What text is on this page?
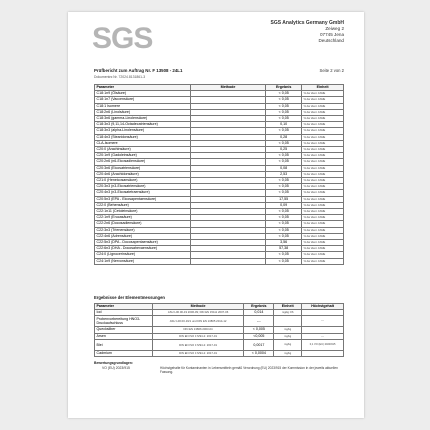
SGS	SGS Analytics Germany GmbH
Zeiweg 2
07745 Jena
Deutschland
Prüfbericht zum Auftrag Nr. F 13508 - 24L1	Seite 2 von 2
Dokumentnr.Nr. 72024.8131861-3
Parameter	Methode	Ergebnis	Einheit
C18:1n9 (Ölsäure)		< 0,05	% der ident. FAME
C18:1n7 (Vaccensäure)		< 0,05	% der ident. FAME
C18:1 Isomere		< 0,05	% der ident. FAME
C18:2n6 (Linolsäure)		< 0,05	% der ident. FAME
C18:3n6 (gamma-Linolensäure)		< 0,05	% der ident. FAME
C18:3n3 (9,11,14-Octadecatriensäure)		0,10	% der ident. FAME
C18:3n3 (alpha-Linolensäure)		< 0,05	% der ident. FAME
C18:4n3 (Stearidonsäure)		0,28	% der ident. FAME
CLA-Isomere		< 0,05	% der ident. FAME
C20:0 (Arachinsäure)		0,25	% der ident. FAME
C20:1n9 (Gadoleinsäure)		< 0,05	% der ident. FAME
C20:2n6 (n6-Eicosadiensäure)		< 0,05	% der ident. FAME
C20:3n6 (Eicosatriensäure)		0,08	% der ident. FAME
C20:4n6 (Arachidonsäure)		2,53	% der ident. FAME
C21:0 (Heneicosansäure)		< 0,05	% der ident. FAME
C20:3n3 (n3-Eicosatriensäure)		< 0,05	% der ident. FAME
C20:4n3 (n3-Eicosatetraensäure)		< 0,05	% der ident. FAME
C20:5n3 (EPA - Eicosapentaensäure)		17,55	% der ident. FAME
C22:0 (Behensäure)		0,09	% der ident. FAME
C22:1n11 (Cetoleinsäure)		< 0,05	% der ident. FAME
C22:1n9 (Erucasäure)		< 0,05	% der ident. FAME
C22:2n6 (Docosadiensäure)		< 0,05	% der ident. FAME
C22:3n3 (Trienensäure)		< 0,05	% der ident. FAME
C22:4n6 (Adrensäure)		< 0,05	% der ident. FAME
C22:5n3 (DPA - Docosapentaensäure)		3,56	% der ident. FAME
C22:6n3 (DHA - Docosahexaensäure)		57,38	% der ident. FAME
C24:0 (Lignocerinsäure)		< 0,05	% der ident. FAME
C24:1n9 (Nervonsäure)		< 0,05	% der ident. FAME
Ergebnisse der Elementmessungen
Parameter	Methode	Ergebnis	Einheit	Höchstgehalt
Iod	ASU L00.00-19 2006-09; DIN EN 15111 2007-06	0,014	mg/kg OS	
Probenvorbereitung HNO3-Druckaufschluss	ASU L00.00-19/1 und DIN EN 13805 2014-12	---		---
Quecksilber	DIN EN 13806:2003-04	< 0,005	mg/kg	
Arsen	DIN EN ISO 17294-2: 2017-01	<0,005	mg/kg	---
Blei	DIN EN ISO 17294-2: 2017-01	0,0017	mg/kg	0,1 VO (EU) 2023/915
Cadmium	DIN EN ISO 17294-2: 2017-01	< 0,0004	mg/kg	
Bewertungsgrundlagen:
VO (EU) 2023/915	Höchstgehalte für Kontaminanten in Lebensmitteln gemäß Verordnung (EU) 2023/915 der Kommission in der jeweils aktuellen Fassung.
